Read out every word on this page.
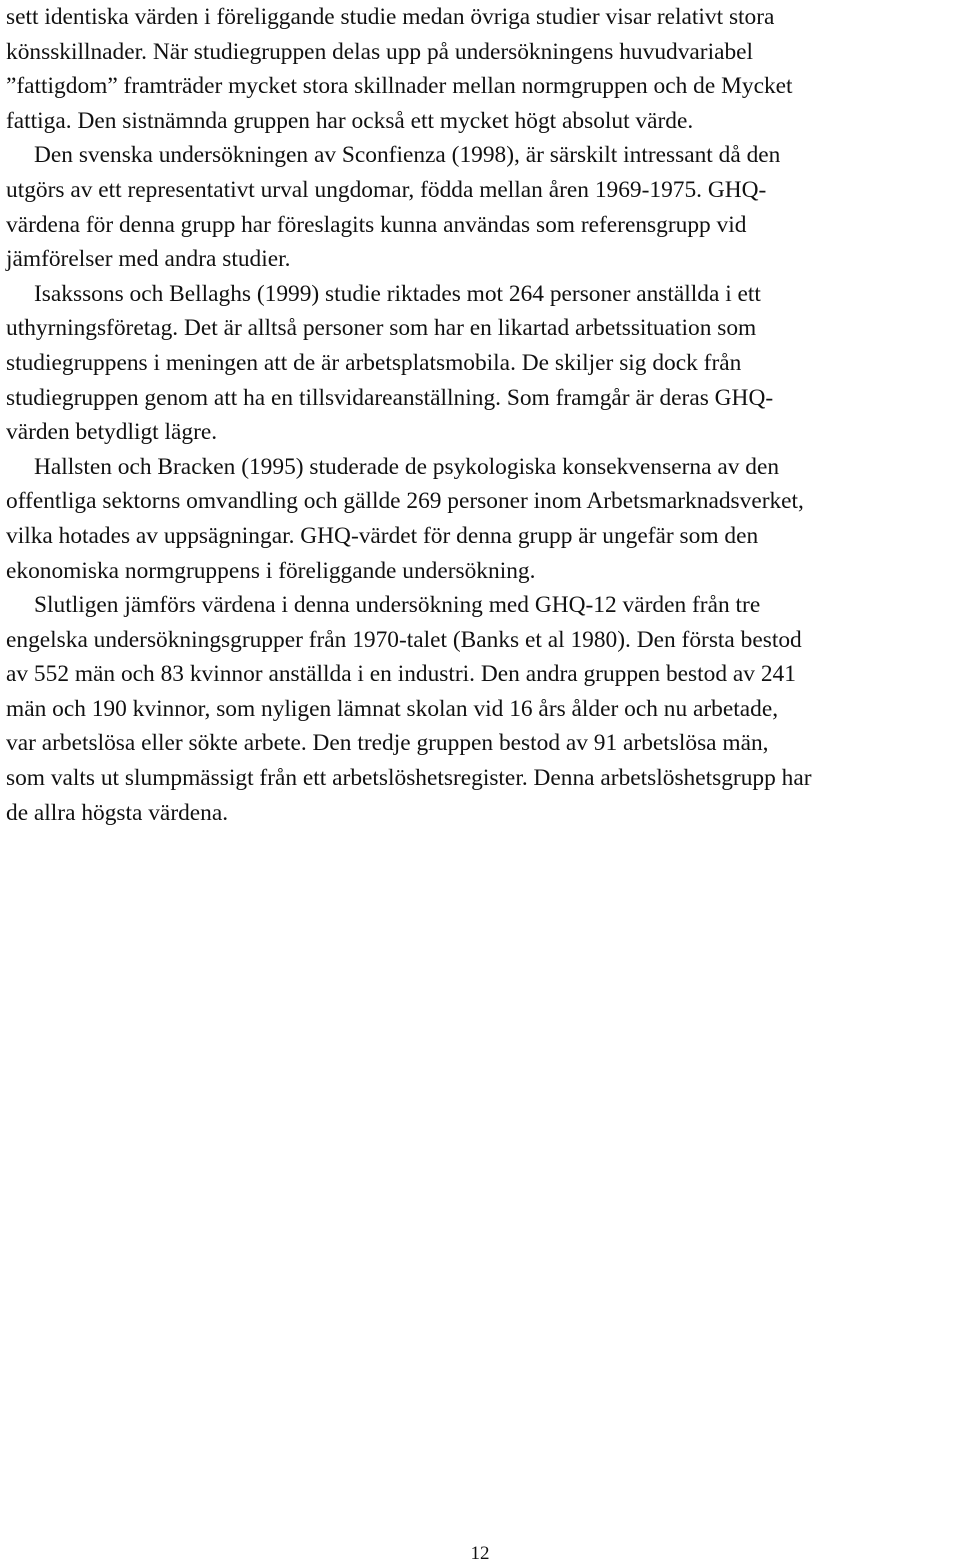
sett identiska värden i föreliggande studie medan övriga studier visar relativt stora
könsskillnader. När studiegruppen delas upp på undersökningens huvudvariabel
”fattigdom” framträder mycket stora skillnader mellan normgruppen och de Mycket
fattiga. Den sistnämnda gruppen har också ett mycket högt absolut värde.
Den svenska undersökningen av Sconfienza (1998), är särskilt intressant då den
utgörs av ett representativt urval ungdomar, födda mellan åren 1969-1975. GHQ-
värdena för denna grupp har föreslagits kunna användas som referensgrupp vid
jämförelser med andra studier.
Isakssons och Bellaghs (1999) studie riktades mot 264 personer anställda i ett
uthyrningsföretag. Det är alltså personer som har en likartad arbetssituation som
studiegruppens i meningen att de är arbetsplatsmobila. De skiljer sig dock från
studiegruppen genom att ha en tillsvidareanställning. Som framgår är deras GHQ-
värden betydligt lägre.
Hallsten och Bracken (1995) studerade de psykologiska konsekvenserna av den
offentliga sektorns omvandling och gällde 269 personer inom Arbetsmarknadsverket,
vilka hotades av uppsägningar. GHQ-värdet för denna grupp är ungefär som den
ekonomiska normgruppens i föreliggande undersökning.
Slutligen jämförs värdena i denna undersökning med GHQ-12 värden från tre
engelska undersökningsgrupper från 1970-talet (Banks et al 1980). Den första bestod
av 552 män och 83 kvinnor anställda i en industri. Den andra gruppen bestod av 241
män och 190 kvinnor, som nyligen lämnat skolan vid 16 års ålder och nu arbetade,
var arbetslösa eller sökte arbete. Den tredje gruppen bestod av 91 arbetslösa män,
som valts ut slumpmässigt från ett arbetslöshetsregister. Denna arbetslöshetsgrupp har
de allra högsta värdena.
12
